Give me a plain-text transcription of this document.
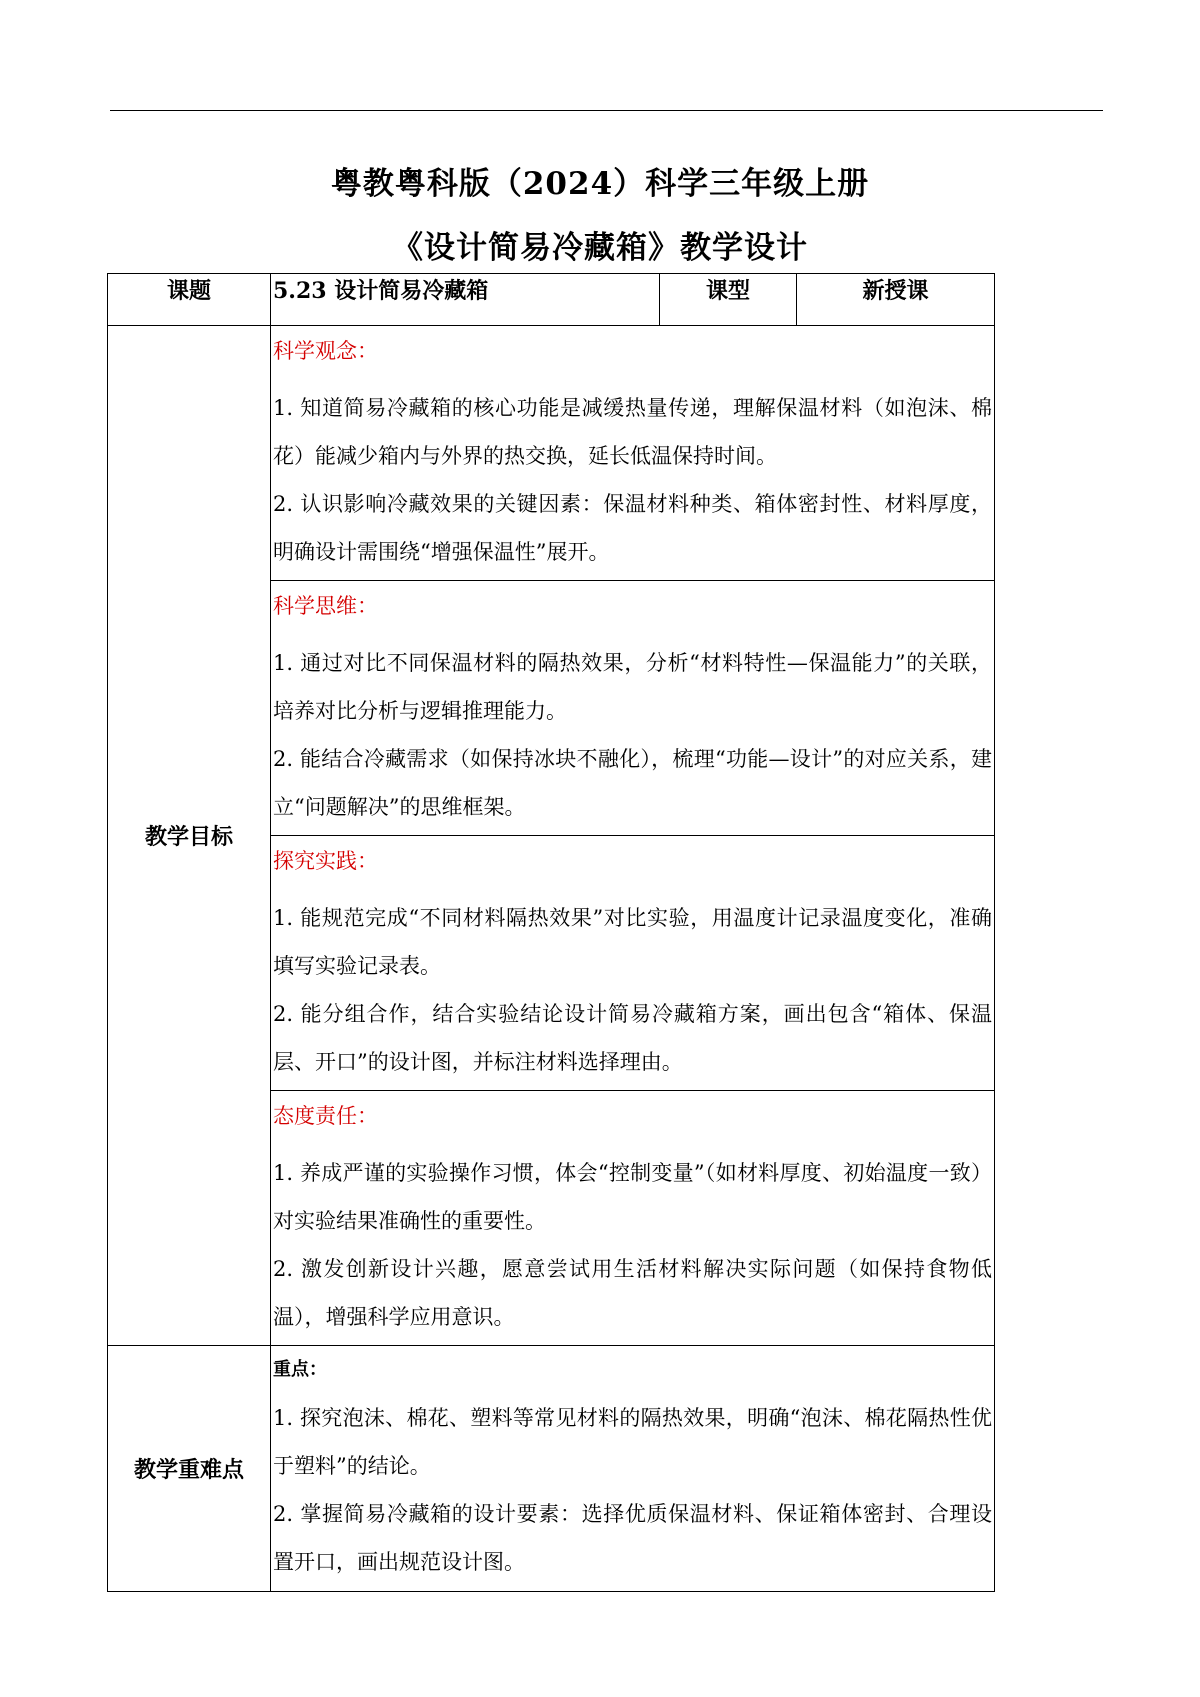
粤教粤科版（2024）科学三年级上册
《设计简易冷藏箱》教学设计
课题	5.23 设计简易冷藏箱	课型	新授课
教学目标	科学观念：
1. 知道简易冷藏箱的核心功能是减缓热量传递，理解保温材料（如泡沫、棉花）能减少箱内与外界的热交换，延长低温保持时间。
2. 认识影响冷藏效果的关键因素：保温材料种类、箱体密封性、材料厚度，明确设计需围绕“增强保温性”展开。		

	科学思维：
1. 通过对比不同保温材料的隔热效果，分析“材料特性—保温能力”的关联，培养对比分析与逻辑推理能力。
2. 能结合冷藏需求（如保持冰块不融化），梳理“功能—设计”的对应关系，建立“问题解决”的思维框架。		

	探究实践：
1. 能规范完成“不同材料隔热效果”对比实验，用温度计记录温度变化，准确填写实验记录表。
2. 能分组合作，结合实验结论设计简易冷藏箱方案，画出包含“箱体、保温层、开口”的设计图，并标注材料选择理由。		

	态度责任：
1. 养成严谨的实验操作习惯，体会“控制变量”（如材料厚度、初始温度一致）对实验结果准确性的重要性。
2. 激发创新设计兴趣，愿意尝试用生活材料解决实际问题（如保持食物低温），增强科学应用意识。		

教学重难点	重点：
1. 探究泡沫、棉花、塑料等常见材料的隔热效果，明确“泡沫、棉花隔热性优于塑料”的结论。
2. 掌握简易冷藏箱的设计要素：选择优质保温材料、保证箱体密封、合理设置开口，画出规范设计图。		
